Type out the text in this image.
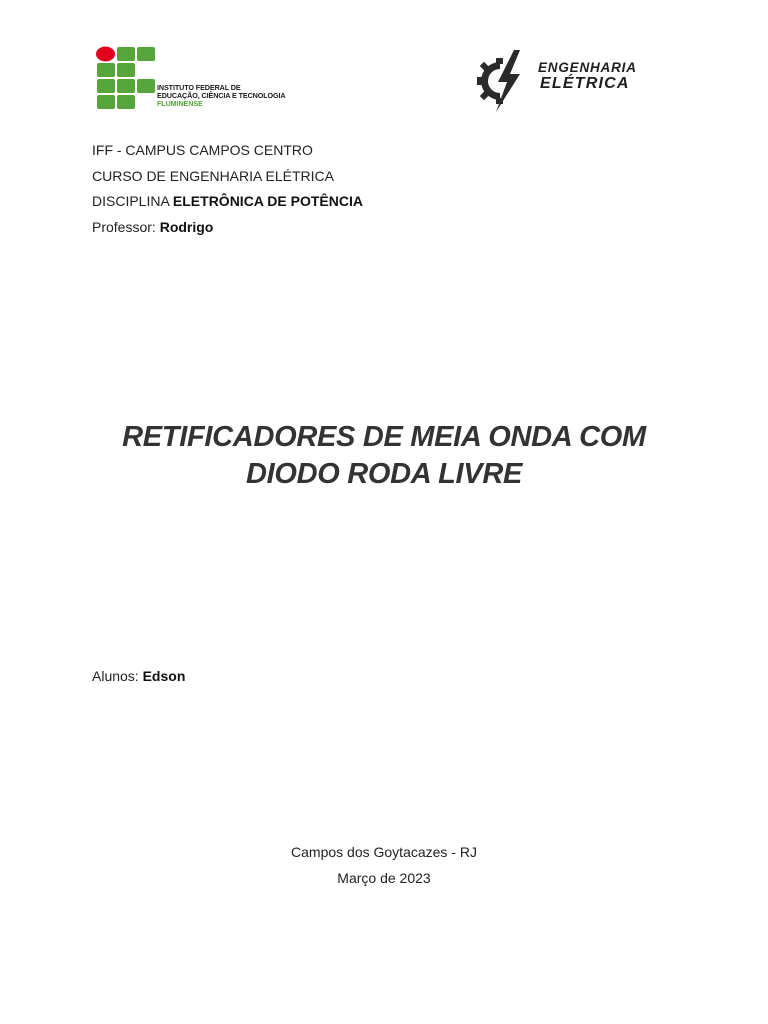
INSTITUTO FEDERAL DE
EDUCAÇÃO, CIÊNCIA E TECNOLOGIA
FLUMINENSE
ENGENHARIA
ELÉTRICA
IFF - CAMPUS CAMPOS CENTRO
CURSO DE ENGENHARIA ELÉTRICA
DISCIPLINA ELETRÔNICA DE POTÊNCIA
Professor: Rodrigo
RETIFICADORES DE MEIA ONDA COM
DIODO RODA LIVRE
Alunos: Edson
Campos dos Goytacazes - RJ
Março de 2023
